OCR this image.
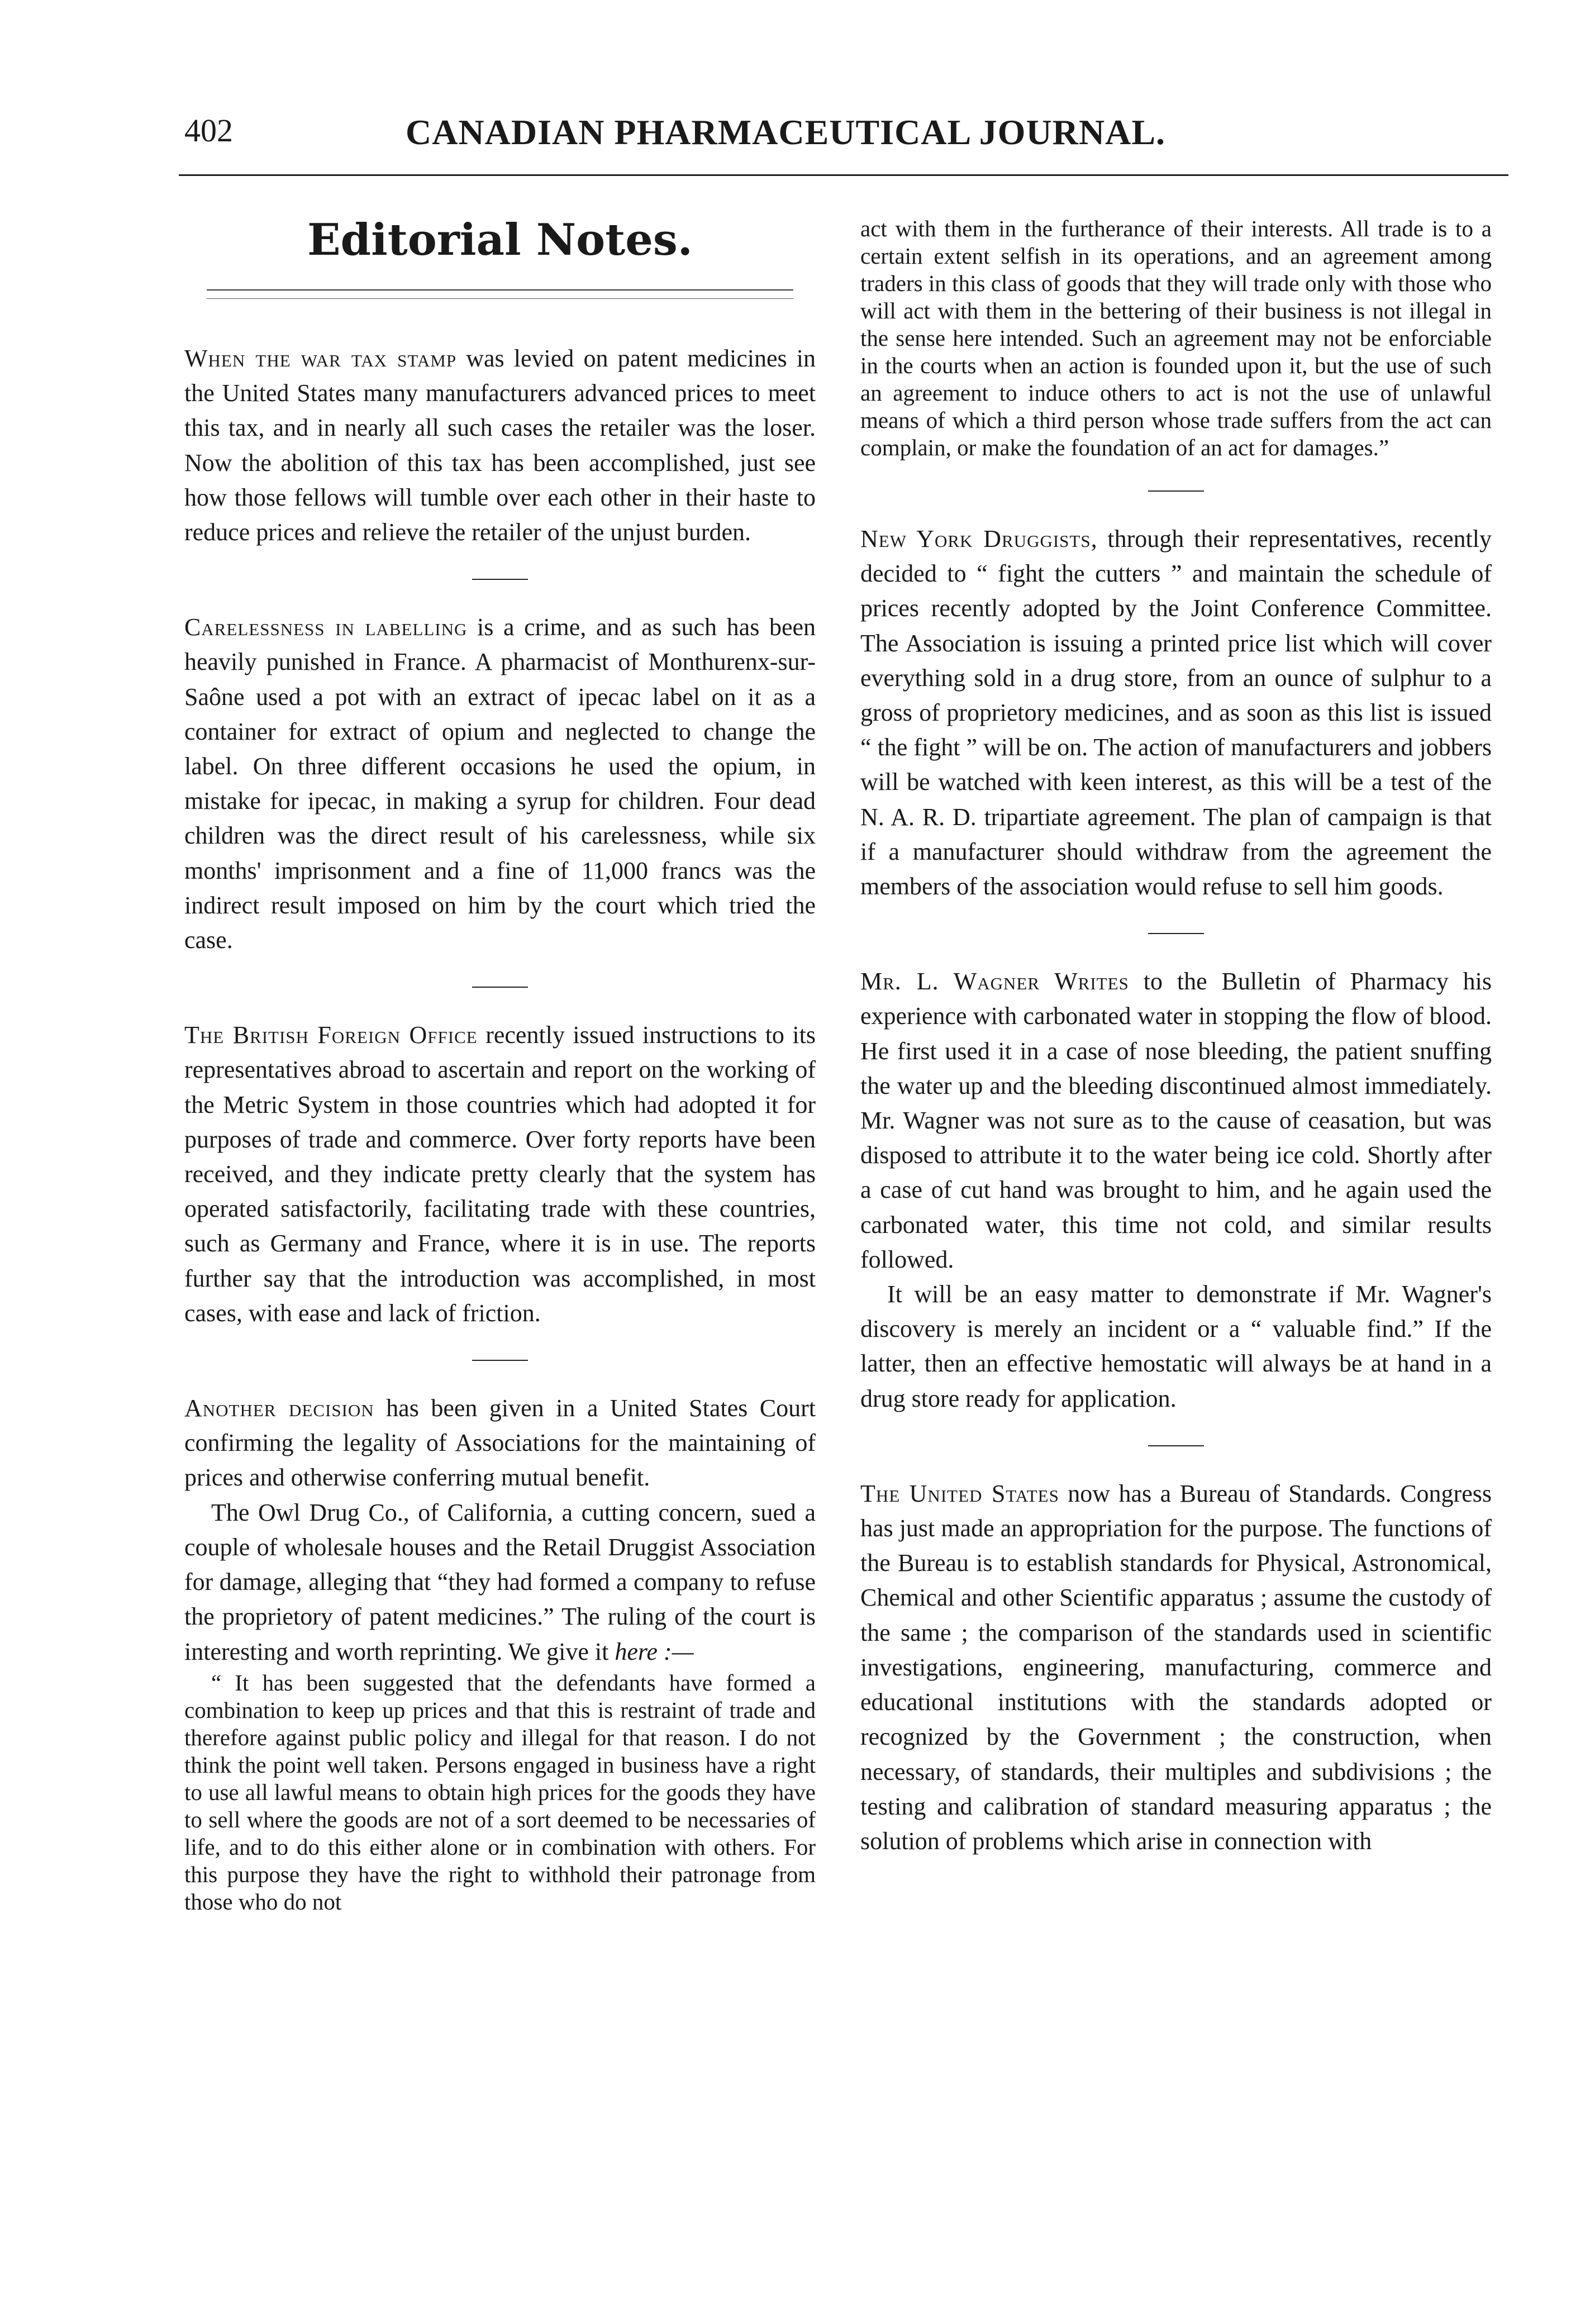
402	CANADIAN PHARMACEUTICAL JOURNAL.
Editorial Notes.

When the war tax stamp was levied on patent medicines in the United States many manufacturers advanced prices to meet this tax, and in nearly all such cases the retailer was the loser. Now the abolition of this tax has been accomplished, just see how those fellows will tumble over each other in their haste to reduce prices and relieve the retailer of the unjust burden.

Carelessness in labelling is a crime, and as such has been heavily punished in France. A pharmacist of Monthurenx-sur-Saône used a pot with an extract of ipecac label on it as a container for extract of opium and neglected to change the label. On three different occasions he used the opium, in mistake for ipecac, in making a syrup for children. Four dead children was the direct result of his carelessness, while six months' imprisonment and a fine of 11,000 francs was the indirect result imposed on him by the court which tried the case.

The British Foreign Office recently issued instructions to its representatives abroad to ascertain and report on the working of the Metric System in those countries which had adopted it for purposes of trade and commerce. Over forty reports have been received, and they indicate pretty clearly that the system has operated satisfactorily, facilitating trade with these countries, such as Germany and France, where it is in use. The reports further say that the introduction was accomplished, in most cases, with ease and lack of friction.

Another decision has been given in a United States Court confirming the legality of Associations for the maintaining of prices and otherwise conferring mutual benefit.

The Owl Drug Co., of California, a cutting concern, sued a couple of wholesale houses and the Retail Druggist Association for damage, alleging that “they had formed a company to refuse the proprietory of patent medicines.” The ruling of the court is interesting and worth reprinting. We give it here :—

“ It has been suggested that the defendants have formed a combination to keep up prices and that this is restraint of trade and therefore against public policy and illegal for that reason. I do not think the point well taken. Persons engaged in business have a right to use all lawful means to obtain high prices for the goods they have to sell where the goods are not of a sort deemed to be necessaries of life, and to do this either alone or in combination with others. For this purpose they have the right to withhold their patronage from those who do not

act with them in the furtherance of their interests. All trade is to a certain extent selfish in its operations, and an agreement among traders in this class of goods that they will trade only with those who will act with them in the bettering of their business is not illegal in the sense here intended. Such an agreement may not be enforciable in the courts when an action is founded upon it, but the use of such an agreement to induce others to act is not the use of unlawful means of which a third person whose trade suffers from the act can complain, or make the foundation of an act for damages.”

New York Druggists, through their representatives, recently decided to “ fight the cutters ” and maintain the schedule of prices recently adopted by the Joint Conference Committee. The Association is issuing a printed price list which will cover everything sold in a drug store, from an ounce of sulphur to a gross of proprietory medicines, and as soon as this list is issued “ the fight ” will be on. The action of manufacturers and jobbers will be watched with keen interest, as this will be a test of the N. A. R. D. tripartiate agreement. The plan of campaign is that if a manufacturer should withdraw from the agreement the members of the association would refuse to sell him goods.

Mr. L. Wagner Writes to the Bulletin of Pharmacy his experience with carbonated water in stopping the flow of blood. He first used it in a case of nose bleeding, the patient snuffing the water up and the bleeding discontinued almost immediately. Mr. Wagner was not sure as to the cause of ceasation, but was disposed to attribute it to the water being ice cold. Shortly after a case of cut hand was brought to him, and he again used the carbonated water, this time not cold, and similar results followed.

It will be an easy matter to demonstrate if Mr. Wagner's discovery is merely an incident or a “ valuable find.” If the latter, then an effective hemostatic will always be at hand in a drug store ready for application.

The United States now has a Bureau of Standards. Congress has just made an appropriation for the purpose. The functions of the Bureau is to establish standards for Physical, Astronomical, Chemical and other Scientific apparatus ; assume the custody of the same ; the comparison of the standards used in scientific investigations, engineering, manufacturing, commerce and educational institutions with the standards adopted or recognized by the Government ; the construction, when necessary, of standards, their multiples and subdivisions ; the testing and calibration of standard measuring apparatus ; the solution of problems which arise in connection with
